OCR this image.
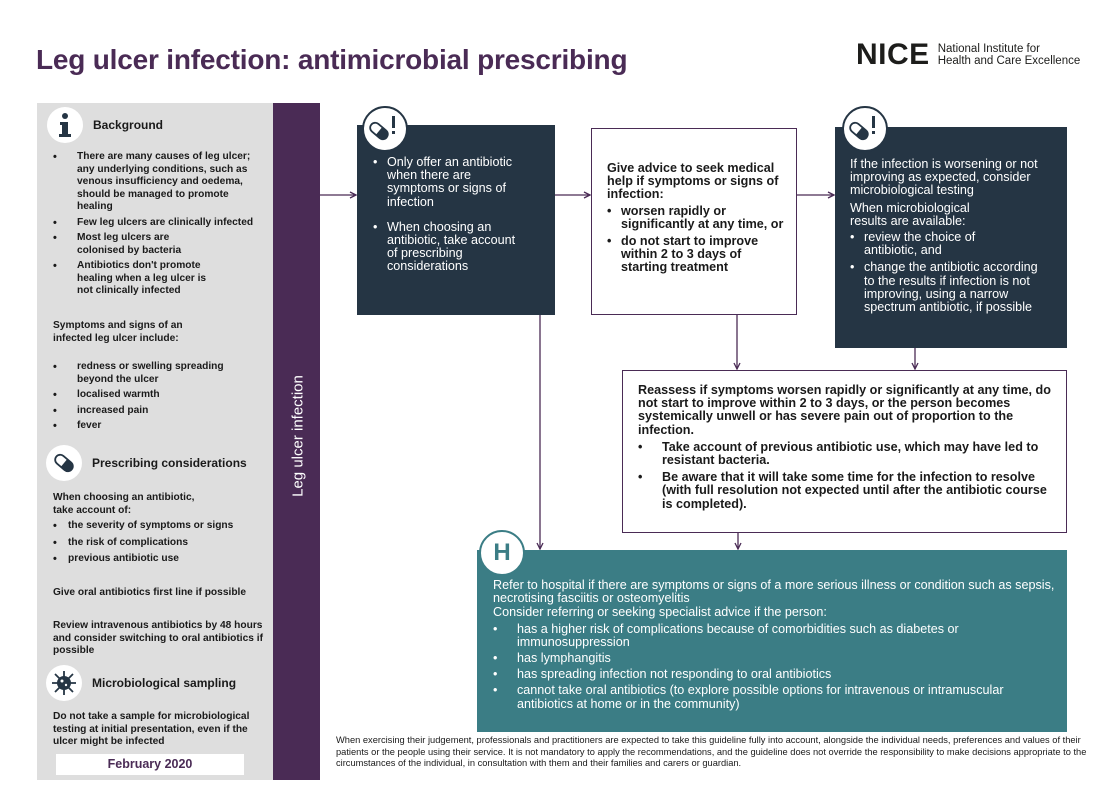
Leg ulcer infection: antimicrobial prescribing	NICE National Institute for
Health and Care Excellence
Background
• There are many causes of leg ulcer; any underlying conditions, such as venous insufficiency and oedema, should be managed to promote healing
• Few leg ulcers are clinically infected
• Most leg ulcers are colonised by bacteria
• Antibiotics don't promote healing when a leg ulcer is not clinically infected

Symptoms and signs of an infected leg ulcer include:

• redness or swelling spreading beyond the ulcer
• localised warmth
• increased pain
• fever
Prescribing considerations

When choosing an antibiotic, take account of:

• the severity of symptoms or signs
• the risk of complications
• previous antibiotic use

Give oral antibiotics first line if possible

Review intravenous antibiotics by 48 hours and consider switching to oral antibiotics if possible

Microbiological sampling

Do not take a sample for microbiological testing at initial presentation, even if the ulcer might be infected

February 2020
Leg ulcer infection
• Only offer an antibiotic when there are symptoms or signs of infection
• When choosing an antibiotic, take account of prescribing considerations
Give advice to seek medical help if symptoms or signs of infection:
• worsen rapidly or significantly at any time, or
• do not start to improve within 2 to 3 days of starting treatment
If the infection is worsening or not improving as expected, consider microbiological testing
When microbiological results are available:
• review the choice of antibiotic, and
• change the antibiotic according to the results if infection is not improving, using a narrow spectrum antibiotic, if possible
Reassess if symptoms worsen rapidly or significantly at any time, do not start to improve within 2 to 3 days, or the person becomes systemically unwell or has severe pain out of proportion to the infection.
• Take account of previous antibiotic use, which may have led to resistant bacteria.
• Be aware that it will take some time for the infection to resolve (with full resolution not expected until after the antibiotic course is completed).
Refer to hospital if there are symptoms or signs of a more serious illness or condition such as sepsis, necrotising fasciitis or osteomyelitis
Consider referring or seeking specialist advice if the person:
• has a higher risk of complications because of comorbidities such as diabetes or immunosuppression
• has lymphangitis
• has spreading infection not responding to oral antibiotics
• cannot take oral antibiotics (to explore possible options for intravenous or intramuscular antibiotics at home or in the community)
H
When exercising their judgement, professionals and practitioners are expected to take this guideline fully into account, alongside the individual needs, preferences and values of their patients or the people using their service. It is not mandatory to apply the recommendations, and the guideline does not override the responsibility to make decisions appropriate to the circumstances of the individual, in consultation with them and their families and carers or guardian.
